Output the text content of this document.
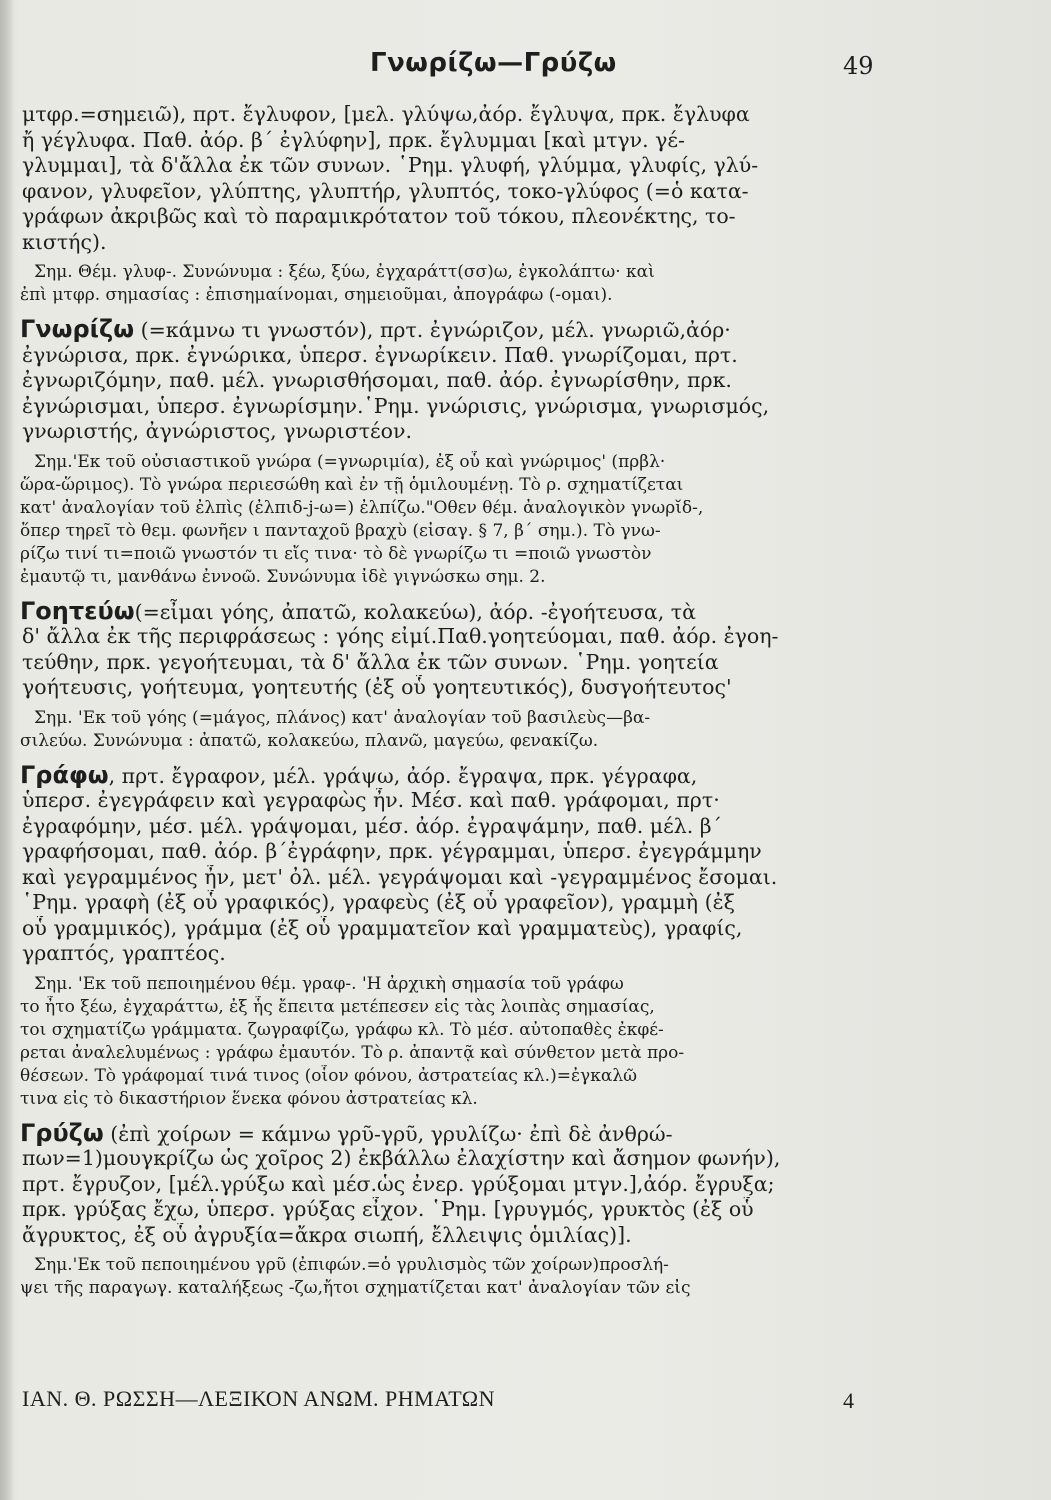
Γνωρίζω—Γρύζω	49
μτφρ.=σημειῶ), πρτ. ἔγλυφον, [μελ. γλύψω,ἀόρ. ἔγλυψα, πρκ. ἔγλυφα
ἤ γέγλυφα. Παθ. ἀόρ. β΄ ἐγλύφην], πρκ. ἔγλυμμαι [καὶ μτγν. γέ-
γλυμμαι], τὰ δ'ἄλλα ἐκ τῶν συνων. ῾Ρημ. γλυφή, γλύμμα, γλυφίς, γλύ-
φανον, γλυφεῖον, γλύπτης, γλυπτήρ, γλυπτός, τοκο-γλύφος (=ὁ κατα-
γράφων ἀκριβῶς καὶ τὸ παραμικρότατον τοῦ τόκου, πλεονέκτης, το-
κιστής).
Σημ. Θέμ. γλυφ-. Συνώνυμα : ξέω, ξύω, ἐγχαράττ(σσ)ω, ἐγκολάπτω· καὶ
ἐπὶ μτφρ. σημασίας : ἐπισημαίνομαι, σημειοῦμαι, ἀπογράφω (-ομαι).
Γνωρίζω (=κάμνω τι γνωστόν), πρτ. ἐγνώριζον, μέλ. γνωριῶ,ἀόρ·
ἐγνώρισα, πρκ. ἐγνώρικα, ὑπερσ. ἐγνωρίκειν. Παθ. γνωρίζομαι, πρτ.
ἐγνωριζόμην, παθ. μέλ. γνωρισθήσομαι, παθ. ἀόρ. ἐγνωρίσθην, πρκ.
ἐγνώρισμαι, ὑπερσ. ἐγνωρίσμην.῾Ρημ. γνώρισις, γνώρισμα, γνωρισμός,
γνωριστής, ἀγνώριστος, γνωριστέον.
Σημ.'Εκ τοῦ οὐσιαστικοῦ γνώρα (=γνωριμία), ἐξ οὗ καὶ γνώριμος' (πρβλ·
ὥρα-ὥριμος). Τὸ γνώρα περιεσώθη καὶ ἐν τῇ ὁμιλουμένῃ. Τὸ ρ. σχηματίζεται
κατ' ἀναλογίαν τοῦ ἐλπὶς (ἐλπιδ-j-ω=) ἐλπίζω."Οθεν θέμ. ἀναλογικὸν γνωρῐδ-,
ὅπερ τηρεῖ τὸ θεμ. φωνῆεν ι πανταχοῦ βραχὺ (εἰσαγ. § 7, β΄ σημ.). Τὸ γνω-
ρίζω τινί τι=ποιῶ γνωστόν τι εἴς τινα· τὸ δὲ γνωρίζω τι =ποιῶ γνωστὸν
ἐμαυτῷ τι, μανθάνω ἐννοῶ. Συνώνυμα ἰδὲ γιγνώσκω σημ. 2.
Γοητεύω(=εἶμαι γόης, ἀπατῶ, κολακεύω), ἀόρ. -ἐγοήτευσα, τὰ
δ' ἄλλα ἐκ τῆς περιφράσεως : γόης εἰμί.Παθ.γοητεύομαι, παθ. ἀόρ. ἐγοη-
τεύθην, πρκ. γεγοήτευμαι, τὰ δ' ἄλλα ἐκ τῶν συνων. ῾Ρημ. γοητεία
γοήτευσις, γοήτευμα, γοητευτής (ἐξ οὗ γοητευτικός), δυσγοήτευτος'
Σημ. 'Εκ τοῦ γόης (=μάγος, πλάνος) κατ' ἀναλογίαν τοῦ βασιλεὺς—βα-
σιλεύω. Συνώνυμα : ἀπατῶ, κολακεύω, πλανῶ, μαγεύω, φενακίζω.
Γράφω, πρτ. ἔγραφον, μέλ. γράψω, ἀόρ. ἔγραψα, πρκ. γέγραφα,
ὑπερσ. ἐγεγράφειν καὶ γεγραφὼς ἦν. Μέσ. καὶ παθ. γράφομαι, πρτ·
ἐγραφόμην, μέσ. μέλ. γράψομαι, μέσ. ἀόρ. ἐγραψάμην, παθ. μέλ. β΄
γραφήσομαι, παθ. ἀόρ. β΄ἐγράφην, πρκ. γέγραμμαι, ὑπερσ. ἐγεγράμμην
καὶ γεγραμμένος ἦν, μετ' ὀλ. μέλ. γεγράψομαι καὶ -γεγραμμένος ἔσομαι.
῾Ρημ. γραφὴ (ἐξ οὗ γραφικός), γραφεὺς (ἐξ οὗ γραφεῖον), γραμμὴ (ἐξ
οὗ γραμμικός), γράμμα (ἐξ οὗ γραμματεῖον καὶ γραμματεὺς), γραφίς,
γραπτός, γραπτέος.
Σημ. 'Εκ τοῦ πεποιημένου θέμ. γραφ-. 'Η ἀρχικὴ σημασία τοῦ γράφω
το ἦτο ξέω, ἐγχαράττω, ἐξ ἧς ἔπειτα μετέπεσεν εἰς τὰς λοιπὰς σημασίας,
τοι σχηματίζω γράμματα. ζωγραφίζω, γράφω κλ. Τὸ μέσ. αὐτοπαθὲς ἐκφέ-
ρεται ἀναλελυμένως : γράφω ἐμαυτόν. Τὸ ρ. ἀπαντᾷ καὶ σύνθετον μετὰ προ-
θέσεων. Τὸ γράφομαί τινά τινος (οἷον φόνου, ἀστρατείας κλ.)=ἐγκαλῶ
τινα εἰς τὸ δικαστήριον ἕνεκα φόνου ἀστρατείας κλ.
Γρύζω (ἐπὶ χοίρων = κάμνω γρῦ-γρῦ, γρυλίζω· ἐπὶ δὲ ἀνθρώ-
πων=1)μουγκρίζω ὡς χοῖρος 2) ἐκβάλλω ἐλαχίστην καὶ ἄσημον φωνήν),
πρτ. ἔγρυζον, [μέλ.γρύξω καὶ μέσ.ὡς ἐνερ. γρύξομαι μτγν.],ἀόρ. ἔγρυξα;
πρκ. γρύξας ἔχω, ὑπερσ. γρύξας εἶχον. ῾Ρημ. [γρυγμός, γρυκτὸς (ἐξ οὗ
ἄγρυκτος, ἐξ οὗ ἀγρυξία=ἄκρα σιωπή, ἔλλειψις ὁμιλίας)].
Σημ.'Εκ τοῦ πεποιημένου γρῦ (ἐπιφών.=ὁ γρυλισμὸς τῶν χοίρων)προσλή-
ψει τῆς παραγωγ. καταλήξεως -ζω,ἤτοι σχηματίζεται κατ' ἀναλογίαν τῶν εἰς
ΙΑΝ. Θ. ΡΩΣΣΗ—ΛΕΞΙΚΟΝ ΑΝΩΜ. ΡΗΜΑΤΩΝ	4
